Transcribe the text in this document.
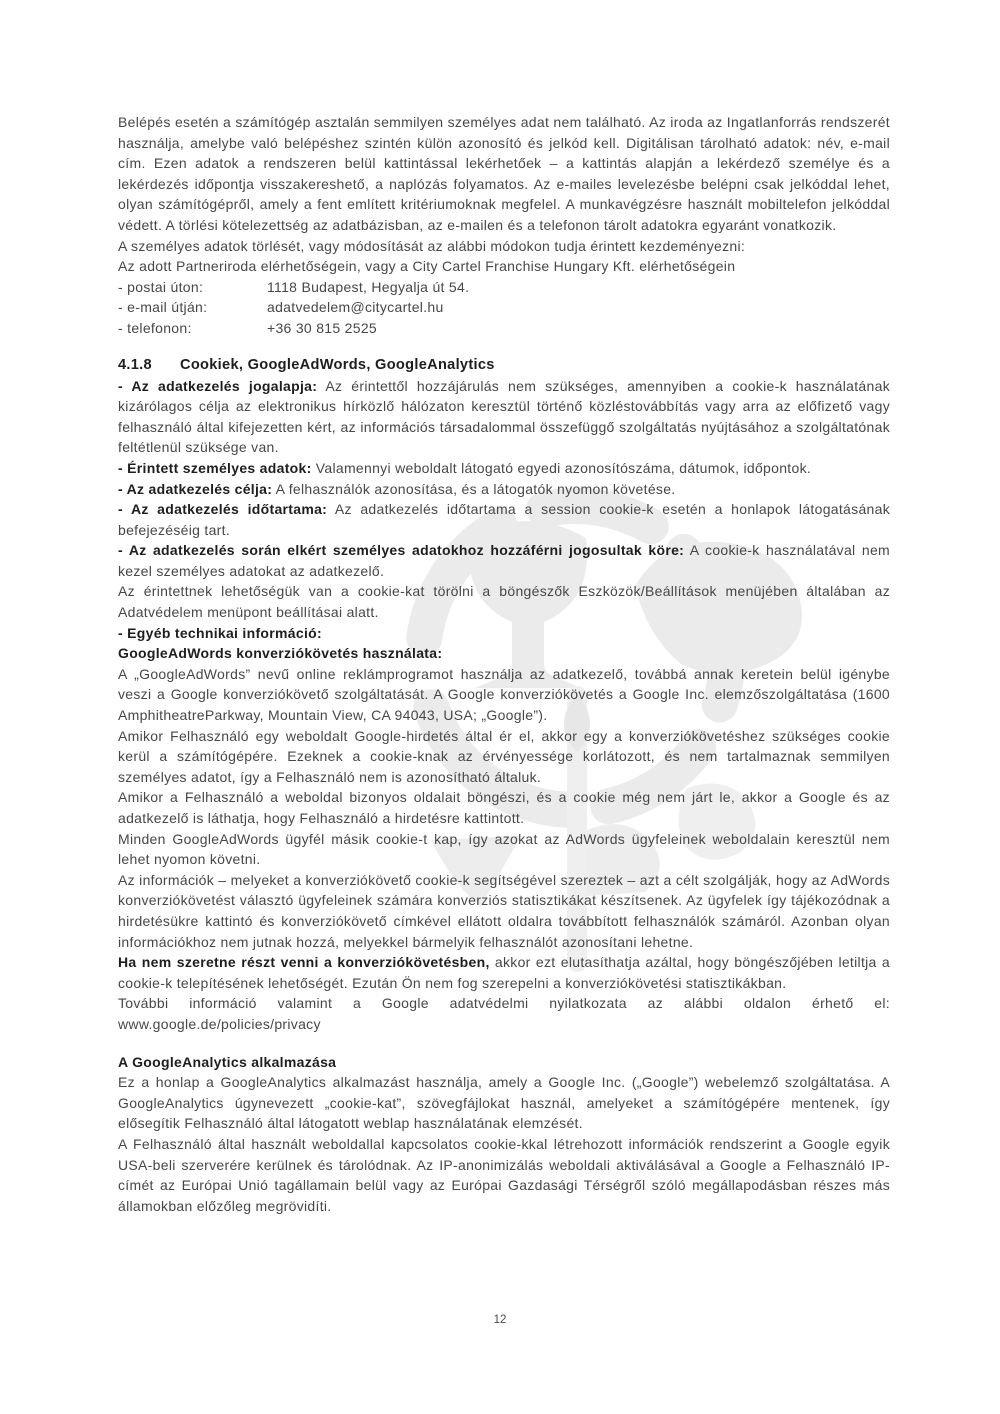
Belépés esetén a számítógép asztalán semmilyen személyes adat nem található. Az iroda az Ingatlanforrás rendszerét használja, amelybe való belépéshez szintén külön azonosító és jelkód kell. Digitálisan tárolható adatok: név, e-mail cím. Ezen adatok a rendszeren belül kattintással lekérhetőek – a kattintás alapján a lekérdező személye és a lekérdezés időpontja visszakereshető, a naplózás folyamatos. Az e-mailes levelezésbe belépni csak jelkóddal lehet, olyan számítógépről, amely a fent említett kritériumoknak megfelel. A munkavégzésre használt mobiltelefon jelkóddal védett. A törlési kötelezettség az adatbázisban, az e-mailen és a telefonon tárolt adatokra egyaránt vonatkozik.

A személyes adatok törlését, vagy módosítását az alábbi módokon tudja érintett kezdeményezni:

Az adott Partneriroda elérhetőségein, vagy a City Cartel Franchise Hungary Kft. elérhetőségein

- postai úton:	1118 Budapest, Hegyalja út 54.
- e-mail útján:	adatvedelem@citycartel.hu
- telefonon:	+36 30 815 2525
4.1.8	Cookiek, GoogleAdWords, GoogleAnalytics

- Az adatkezelés jogalapja: Az érintettől hozzájárulás nem szükséges, amennyiben a cookie-k használatának kizárólagos célja az elektronikus hírközlő hálózaton keresztül történő közléstovábbítás vagy arra az előfizető vagy felhasználó által kifejezetten kért, az információs társadalommal összefüggő szolgáltatás nyújtásához a szolgáltatónak feltétlenül szüksége van.

- Érintett személyes adatok: Valamennyi weboldalt látogató egyedi azonosítószáma, dátumok, időpontok.

- Az adatkezelés célja: A felhasználók azonosítása, és a látogatók nyomon követése.

- Az adatkezelés időtartama: Az adatkezelés időtartama a session cookie-k esetén a honlapok látogatásának befejezéséig tart.

- Az adatkezelés során elkért személyes adatokhoz hozzáférni jogosultak köre: A cookie-k használatával nem kezel személyes adatokat az adatkezelő.

Az érintettnek lehetőségük van a cookie-kat törölni a böngészők Eszközök/Beállítások menüjében általában az Adatvédelem menüpont beállításai alatt.

- Egyéb technikai információ:

GoogleAdWords konverziókövetés használata:

A „GoogleAdWords” nevű online reklámprogramot használja az adatkezelő, továbbá annak keretein belül igénybe veszi a Google konverziókövető szolgáltatását. A Google konverziókövetés a Google Inc. elemzőszolgáltatása (1600 AmphitheatreParkway, Mountain View, CA 94043, USA; „Google”).

Amikor Felhasználó egy weboldalt Google-hirdetés által ér el, akkor egy a konverziókövetéshez szükséges cookie kerül a számítógépére. Ezeknek a cookie-knak az érvényessége korlátozott, és nem tartalmaznak semmilyen személyes adatot, így a Felhasználó nem is azonosítható általuk.

Amikor a Felhasználó a weboldal bizonyos oldalait böngészi, és a cookie még nem járt le, akkor a Google és az adatkezelő is láthatja, hogy Felhasználó a hirdetésre kattintott.

Minden GoogleAdWords ügyfél másik cookie-t kap, így azokat az AdWords ügyfeleinek weboldalain keresztül nem lehet nyomon követni.

Az információk – melyeket a konverziókövető cookie-k segítségével szereztek – azt a célt szolgálják, hogy az AdWords konverziókövetést választó ügyfeleinek számára konverziós statisztikákat készítsenek. Az ügyfelek így tájékozódnak a hirdetésükre kattintó és konverziókövető címkével ellátott oldalra továbbított felhasználók számáról. Azonban olyan információkhoz nem jutnak hozzá, melyekkel bármelyik felhasználót azonosítani lehetne.

Ha nem szeretne részt venni a konverziókövetésben, akkor ezt elutasíthatja azáltal, hogy böngészőjében letiltja a cookie-k telepítésének lehetőségét. Ezután Ön nem fog szerepelni a konverziókövetési statisztikákban.

További információ valamint a Google adatvédelmi nyilatkozata az alábbi oldalon érhető el: www.google.de/policies/privacy

A GoogleAnalytics alkalmazása

Ez a honlap a GoogleAnalytics alkalmazást használja, amely a Google Inc. („Google”) webelemző szolgáltatása. A GoogleAnalytics úgynevezett „cookie-kat”, szövegfájlokat használ, amelyeket a számítógépére mentenek, így elősegítik Felhasználó által látogatott weblap használatának elemzését.

A Felhasználó által használt weboldallal kapcsolatos cookie-kkal létrehozott információk rendszerint a Google egyik USA-beli szerverére kerülnek és tárolódnak. Az IP-anonimizálás weboldali aktiválásával a Google a Felhasználó IP-címét az Európai Unió tagállamain belül vagy az Európai Gazdasági Térségről szóló megállapodásban részes más államokban előzőleg megrövidíti.

12
